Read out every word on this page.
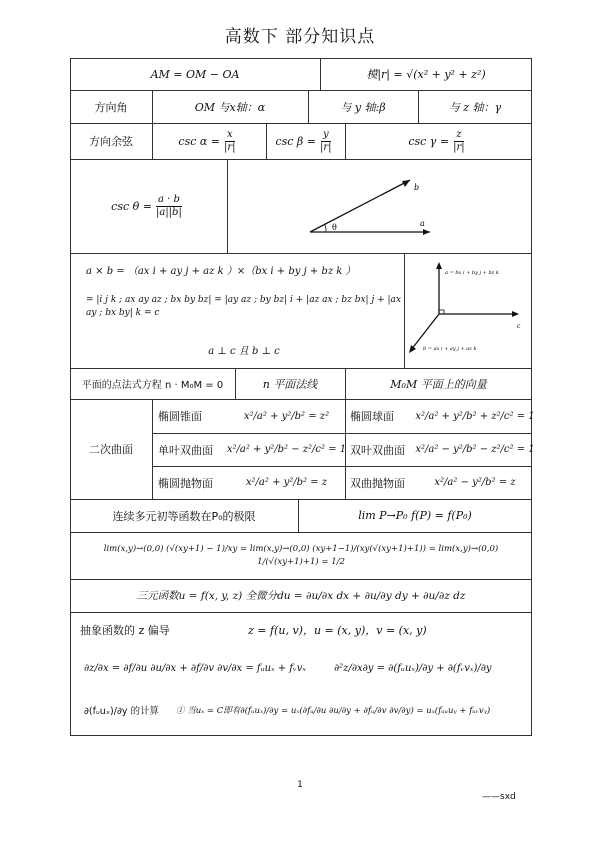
高数下 部分知识点
AM = OM − OA	模|r| = √(x² + y² + z²)
方向角	OM 与x轴：α	与 y 轴:β	与 z 轴：γ
方向余弦	$\csc \alpha = \frac{x}{|r|}$	$\csc \beta = \frac{y}{|r|}$	$\csc \gamma = \frac{z}{|r|}$
$\csc \theta = \frac{a \cdot b}{|a||b|}$
b
a
θ
a × b = （ax i + ay j + az k ）×（bx i + by j + bz k ）
= |i j k ; ax ay az ; bx by bz| = |ay az ; by bz| i + |az ax ; bz bx| j + |ax ay ; bx by| k = c
a ⊥ c 且 b ⊥ c
a = bx i + by j + bz k
b = ax i + ay j + az k
c
平面的点法式方程 n · M₀M = 0	n 平面法线	M₀M 平面上的向量
二次曲面
椭圆锥面	x²/a² + y²/b² = z²	椭圆球面	x²/a² + y²/b² + z²/c² = 1
单叶双曲面	x²/a² + y²/b² − z²/c² = 1 双叶双曲面	x²/a² − y²/b² − z²/c² = 1
椭圆抛物面	x²/a² + y²/b² = z	双曲抛物面	x²/a² − y²/b² = z
连续多元初等函数在P₀的极限	lim P→P₀ f(P) = f(P₀)
lim(x,y)→(0,0) (√(xy+1) − 1)/xy = lim(x,y)→(0,0) (xy+1−1)/(xy(√(xy+1)+1)) = lim(x,y)→(0,0) 1/(√(xy+1)+1) = 1/2
三元函数u = f(x, y, z) 全微分du = ∂u/∂x dx + ∂u/∂y dy + ∂u/∂z dz
抽象函数的 z 偏导	z = f(u, v)，u = (x, y)，v = (x, y)
∂z/∂x = ∂f/∂u ∂u/∂x + ∂f/∂v ∂v/∂x = fᵤuₓ + fᵥvₓ	∂²z/∂x∂y = ∂(fᵤuₓ)/∂y + ∂(fᵥvₓ)/∂y
∂(fᵤuₓ)/∂y 的计算	① 当uₓ = C即有∂(fᵤuₓ)/∂y = uₓ(∂fᵤ/∂u ∂u/∂y + ∂fᵤ/∂v ∂v/∂y) = uₓ(fᵤᵤuᵧ + fᵤᵥvᵧ)
1
——sxd
